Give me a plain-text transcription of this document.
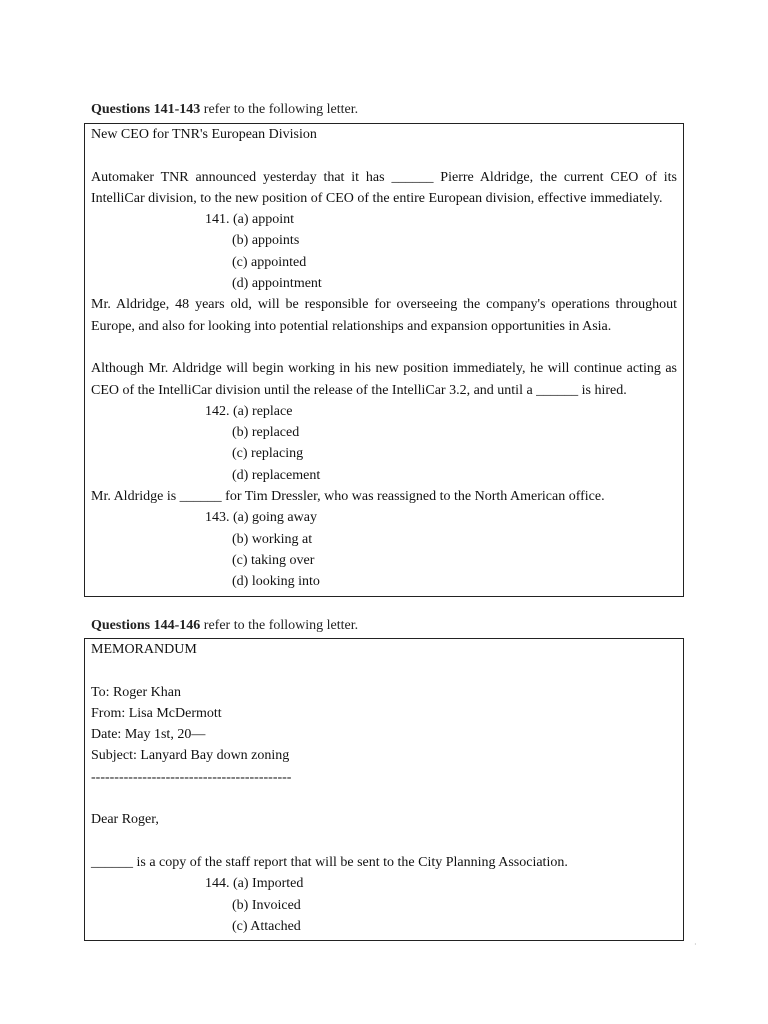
Questions 141-143 refer to the following letter.
New CEO for TNR's European Division
Automaker TNR announced yesterday that it has ______ Pierre Aldridge, the current CEO of its IntelliCar division, to the new position of CEO of the entire European division, effective immediately.
141. (a) appoint
(b) appoints
(c) appointed
(d) appointment
Mr. Aldridge, 48 years old, will be responsible for overseeing the company's operations throughout Europe, and also for looking into potential relationships and expansion opportunities in Asia.
Although Mr. Aldridge will begin working in his new position immediately, he will continue acting as CEO of the IntelliCar division until the release of the IntelliCar 3.2, and until a ______ is hired.
142. (a) replace
(b) replaced
(c) replacing
(d) replacement
Mr. Aldridge is ______ for Tim Dressler, who was reassigned to the North American office.
143. (a) going away
(b) working at
(c) taking over
(d) looking into
Questions 144-146 refer to the following letter.
MEMORANDUM
To: Roger Khan
From: Lisa McDermott
Date: May 1st, 20—
Subject: Lanyard Bay down zoning
-------------------------------------------
Dear Roger,
______ is a copy of the staff report that will be sent to the City Planning Association.
144. (a) Imported
(b) Invoiced
(c) Attached
·
